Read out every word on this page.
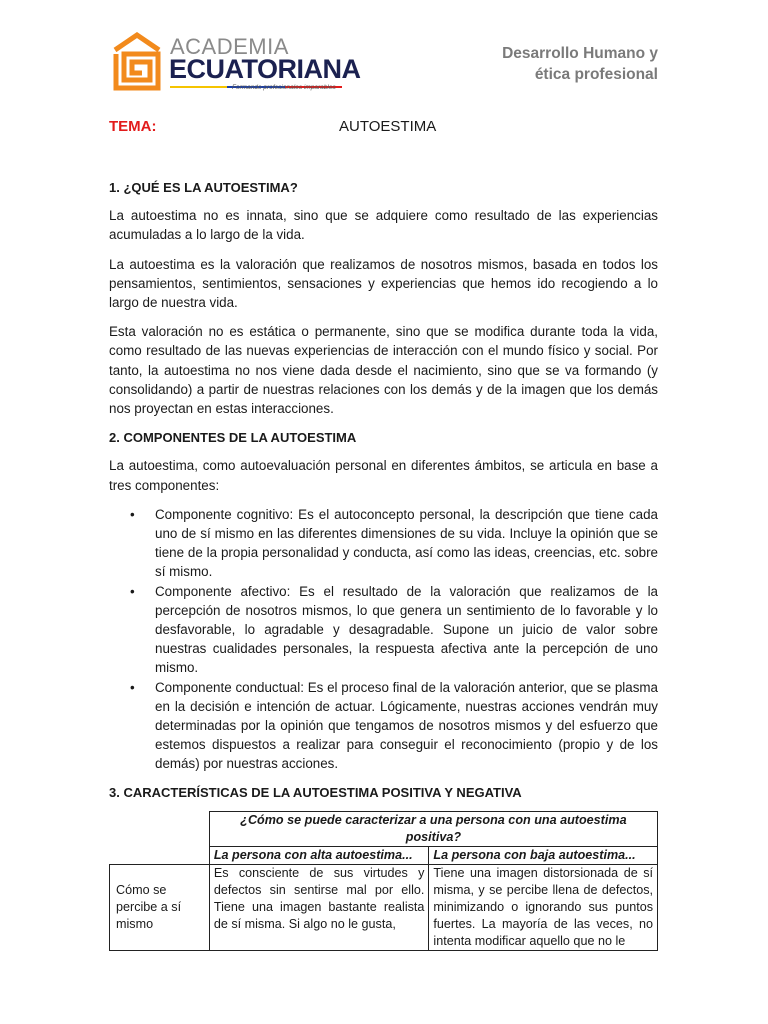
ACADEMIA
ECUATORIANA
Formando profesionales imparables
Desarrollo Humano y
ética profesional
TEMA:	AUTOESTIMA
1. ¿QUÉ ES LA AUTOESTIMA?

La autoestima no es innata, sino que se adquiere como resultado de las experiencias acumuladas a lo largo de la vida.

La autoestima es la valoración que realizamos de nosotros mismos, basada en todos los pensamientos, sentimientos, sensaciones y experiencias que hemos ido recogiendo a lo largo de nuestra vida.

Esta valoración no es estática o permanente, sino que se modifica durante toda la vida, como resultado de las nuevas experiencias de interacción con el mundo físico y social. Por tanto, la autoestima no nos viene dada desde el nacimiento, sino que se va formando (y consolidando) a partir de nuestras relaciones con los demás y de la imagen que los demás nos proyectan en estas interacciones.

2. COMPONENTES DE LA AUTOESTIMA

La autoestima, como autoevaluación personal en diferentes ámbitos, se articula en base a tres componentes:

• Componente cognitivo: Es el autoconcepto personal, la descripción que tiene cada uno de sí mismo en las diferentes dimensiones de su vida. Incluye la opinión que se tiene de la propia personalidad y conducta, así como las ideas, creencias, etc. sobre sí mismo.
• Componente afectivo: Es el resultado de la valoración que realizamos de la percepción de nosotros mismos, lo que genera un sentimiento de lo favorable y lo desfavorable, lo agradable y desagradable. Supone un juicio de valor sobre nuestras cualidades personales, la respuesta afectiva ante la percepción de uno mismo.
• Componente conductual: Es el proceso final de la valoración anterior, que se plasma en la decisión e intención de actuar. Lógicamente, nuestras acciones vendrán muy determinadas por la opinión que tengamos de nosotros mismos y del esfuerzo que estemos dispuestos a realizar para conseguir el reconocimiento (propio y de los demás) por nuestras acciones.
3. CARACTERÍSTICAS DE LA AUTOESTIMA POSITIVA Y NEGATIVA
	¿Cómo se puede caracterizar a una persona con una autoestima positiva?	
	La persona con alta autoestima...	La persona con baja autoestima...
Cómo se percibe a sí mismo	Es consciente de sus virtudes y defectos sin sentirse mal por ello. Tiene una imagen bastante realista de sí misma. Si algo no le gusta,	Tiene una imagen distorsionada de sí misma, y se percibe llena de defectos, minimizando o ignorando sus puntos fuertes. La mayoría de las veces, no intenta modificar aquello que no le
